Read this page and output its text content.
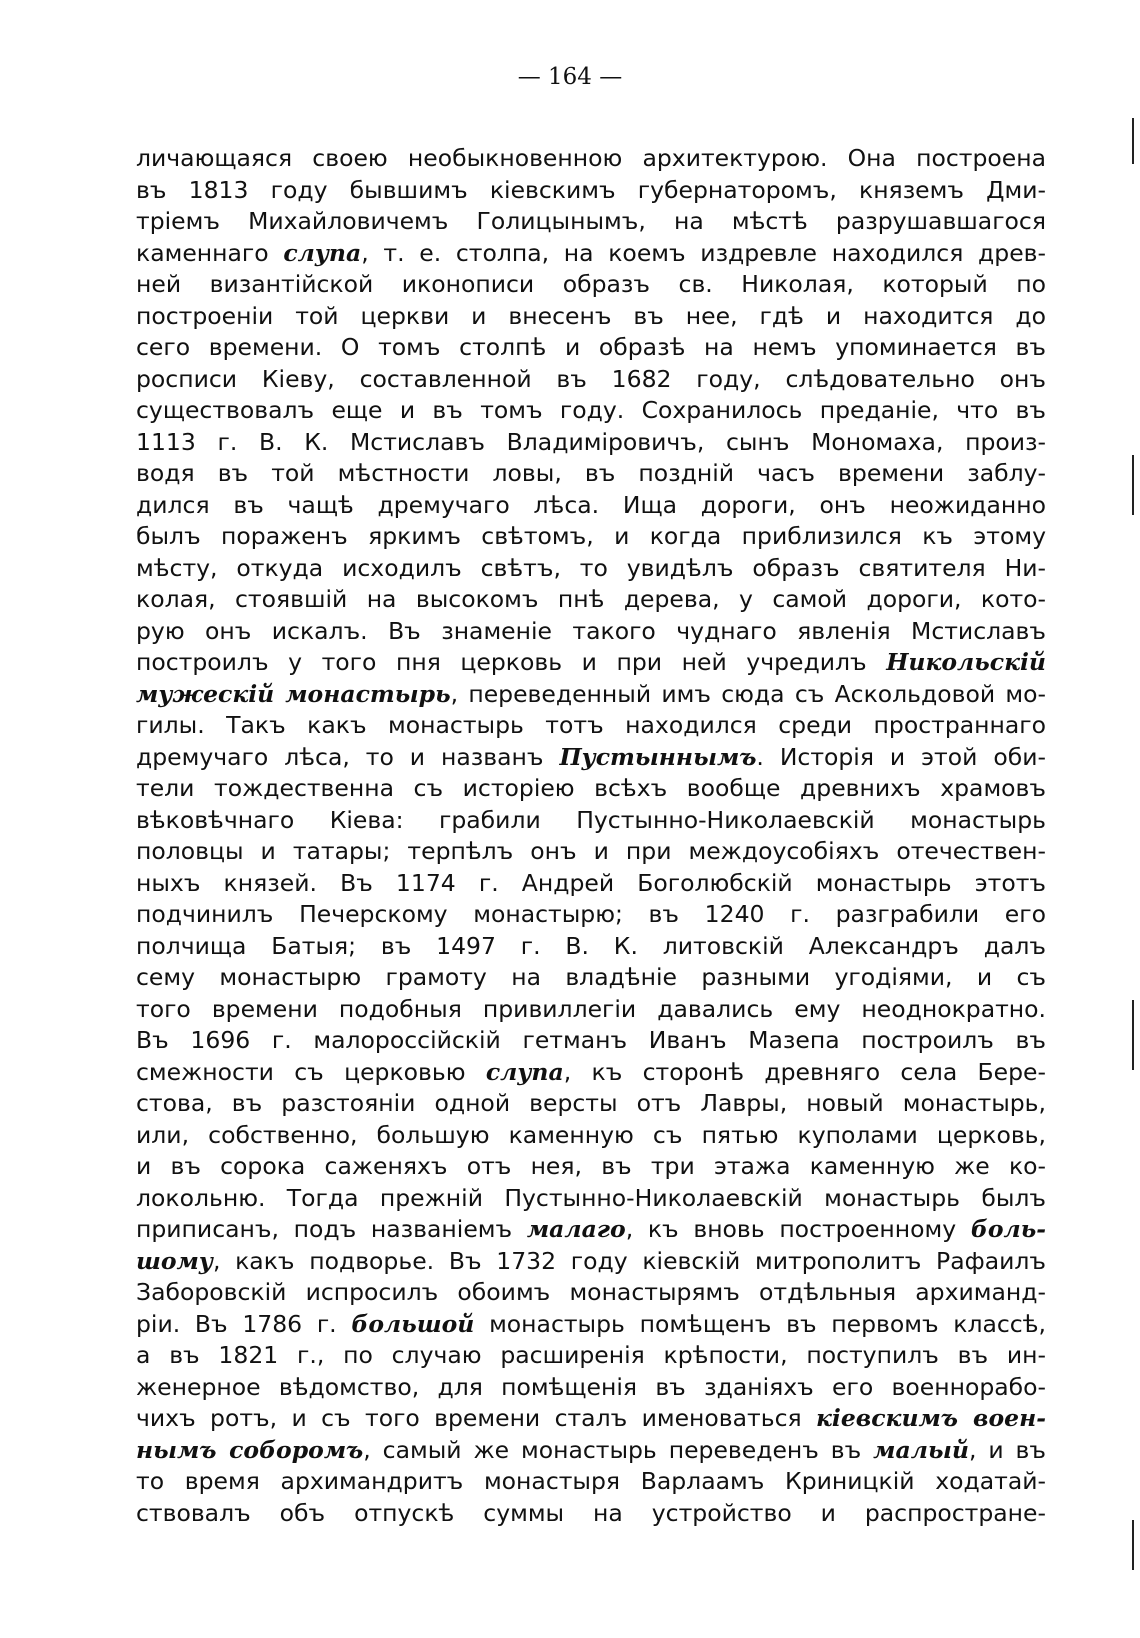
— 164 —
личающаяся своею необыкновенною архитектурою. Она построена
въ 1813 году бывшимъ кіевскимъ губернаторомъ, княземъ Дми-
тріемъ Михайловичемъ Голицынымъ, на мѣстѣ разрушавшагося
каменнаго слупа, т. е. столпа, на коемъ издревле находился древ-
ней византійской иконописи образъ св. Николая, который по
построеніи той церкви и внесенъ въ нее, гдѣ и находится до
сего времени. О томъ столпѣ и образѣ на немъ упоминается въ
росписи Кіеву, составленной въ 1682 году, слѣдовательно онъ
существовалъ еще и въ томъ году. Сохранилось преданіе, что въ
1113 г. В. К. Мстиславъ Владиміровичъ, сынъ Мономаха, произ-
водя въ той мѣстности ловы, въ поздній часъ времени заблу-
дился въ чащѣ дремучаго лѣса. Ища дороги, онъ неожиданно
былъ пораженъ яркимъ свѣтомъ, и когда приблизился къ этому
мѣсту, откуда исходилъ свѣтъ, то увидѣлъ образъ святителя Ни-
колая, стоявшій на высокомъ пнѣ дерева, у самой дороги, кото-
рую онъ искалъ. Въ знаменіе такого чуднаго явленія Мстиславъ
построилъ у того пня церковь и при ней учредилъ Никольскій
мужескій монастырь, переведенный имъ сюда съ Аскольдовой мо-
гилы. Такъ какъ монастырь тотъ находился среди пространнаго
дремучаго лѣса, то и названъ Пустыннымъ. Исторія и этой оби-
тели тождественна съ исторіею всѣхъ вообще древнихъ храмовъ
вѣковѣчнаго Кіева: грабили Пустынно-Николаевскій монастырь
половцы и татары; терпѣлъ онъ и при междоусобіяхъ отечествен-
ныхъ князей. Въ 1174 г. Андрей Боголюбскій монастырь этотъ
подчинилъ Печерскому монастырю; въ 1240 г. разграбили его
полчища Батыя; въ 1497 г. В. К. литовскій Александръ далъ
сему монастырю грамоту на владѣніе разными угодіями, и съ
того времени подобныя привиллегіи давались ему неоднократно.
Въ 1696 г. малороссійскій гетманъ Иванъ Мазепа построилъ въ
смежности съ церковью слупа, къ сторонѣ древняго села Бере-
стова, въ разстояніи одной версты отъ Лавры, новый монастырь,
или, собственно, большую каменную съ пятью куполами церковь,
и въ сорока саженяхъ отъ нея, въ три этажа каменную же ко-
локольню. Тогда прежній Пустынно-Николаевскій монастырь былъ
приписанъ, подъ названіемъ малаго, къ вновь построенному боль-
шому, какъ подворье. Въ 1732 году кіевскій митрополитъ Рафаилъ
Заборовскій испросилъ обоимъ монастырямъ отдѣльныя архиманд-
ріи. Въ 1786 г. большой монастырь помѣщенъ въ первомъ классѣ,
а въ 1821 г., по случаю расширенія крѣпости, поступилъ въ ин-
женерное вѣдомство, для помѣщенія въ зданіяхъ его военнорабо-
чихъ ротъ, и съ того времени сталъ именоваться кіевскимъ воен-
нымъ соборомъ, самый же монастырь переведенъ въ малый, и въ
то время архимандритъ монастыря Варлаамъ Криницкій ходатай-
ствовалъ объ отпускѣ суммы на устройство и распространe-
